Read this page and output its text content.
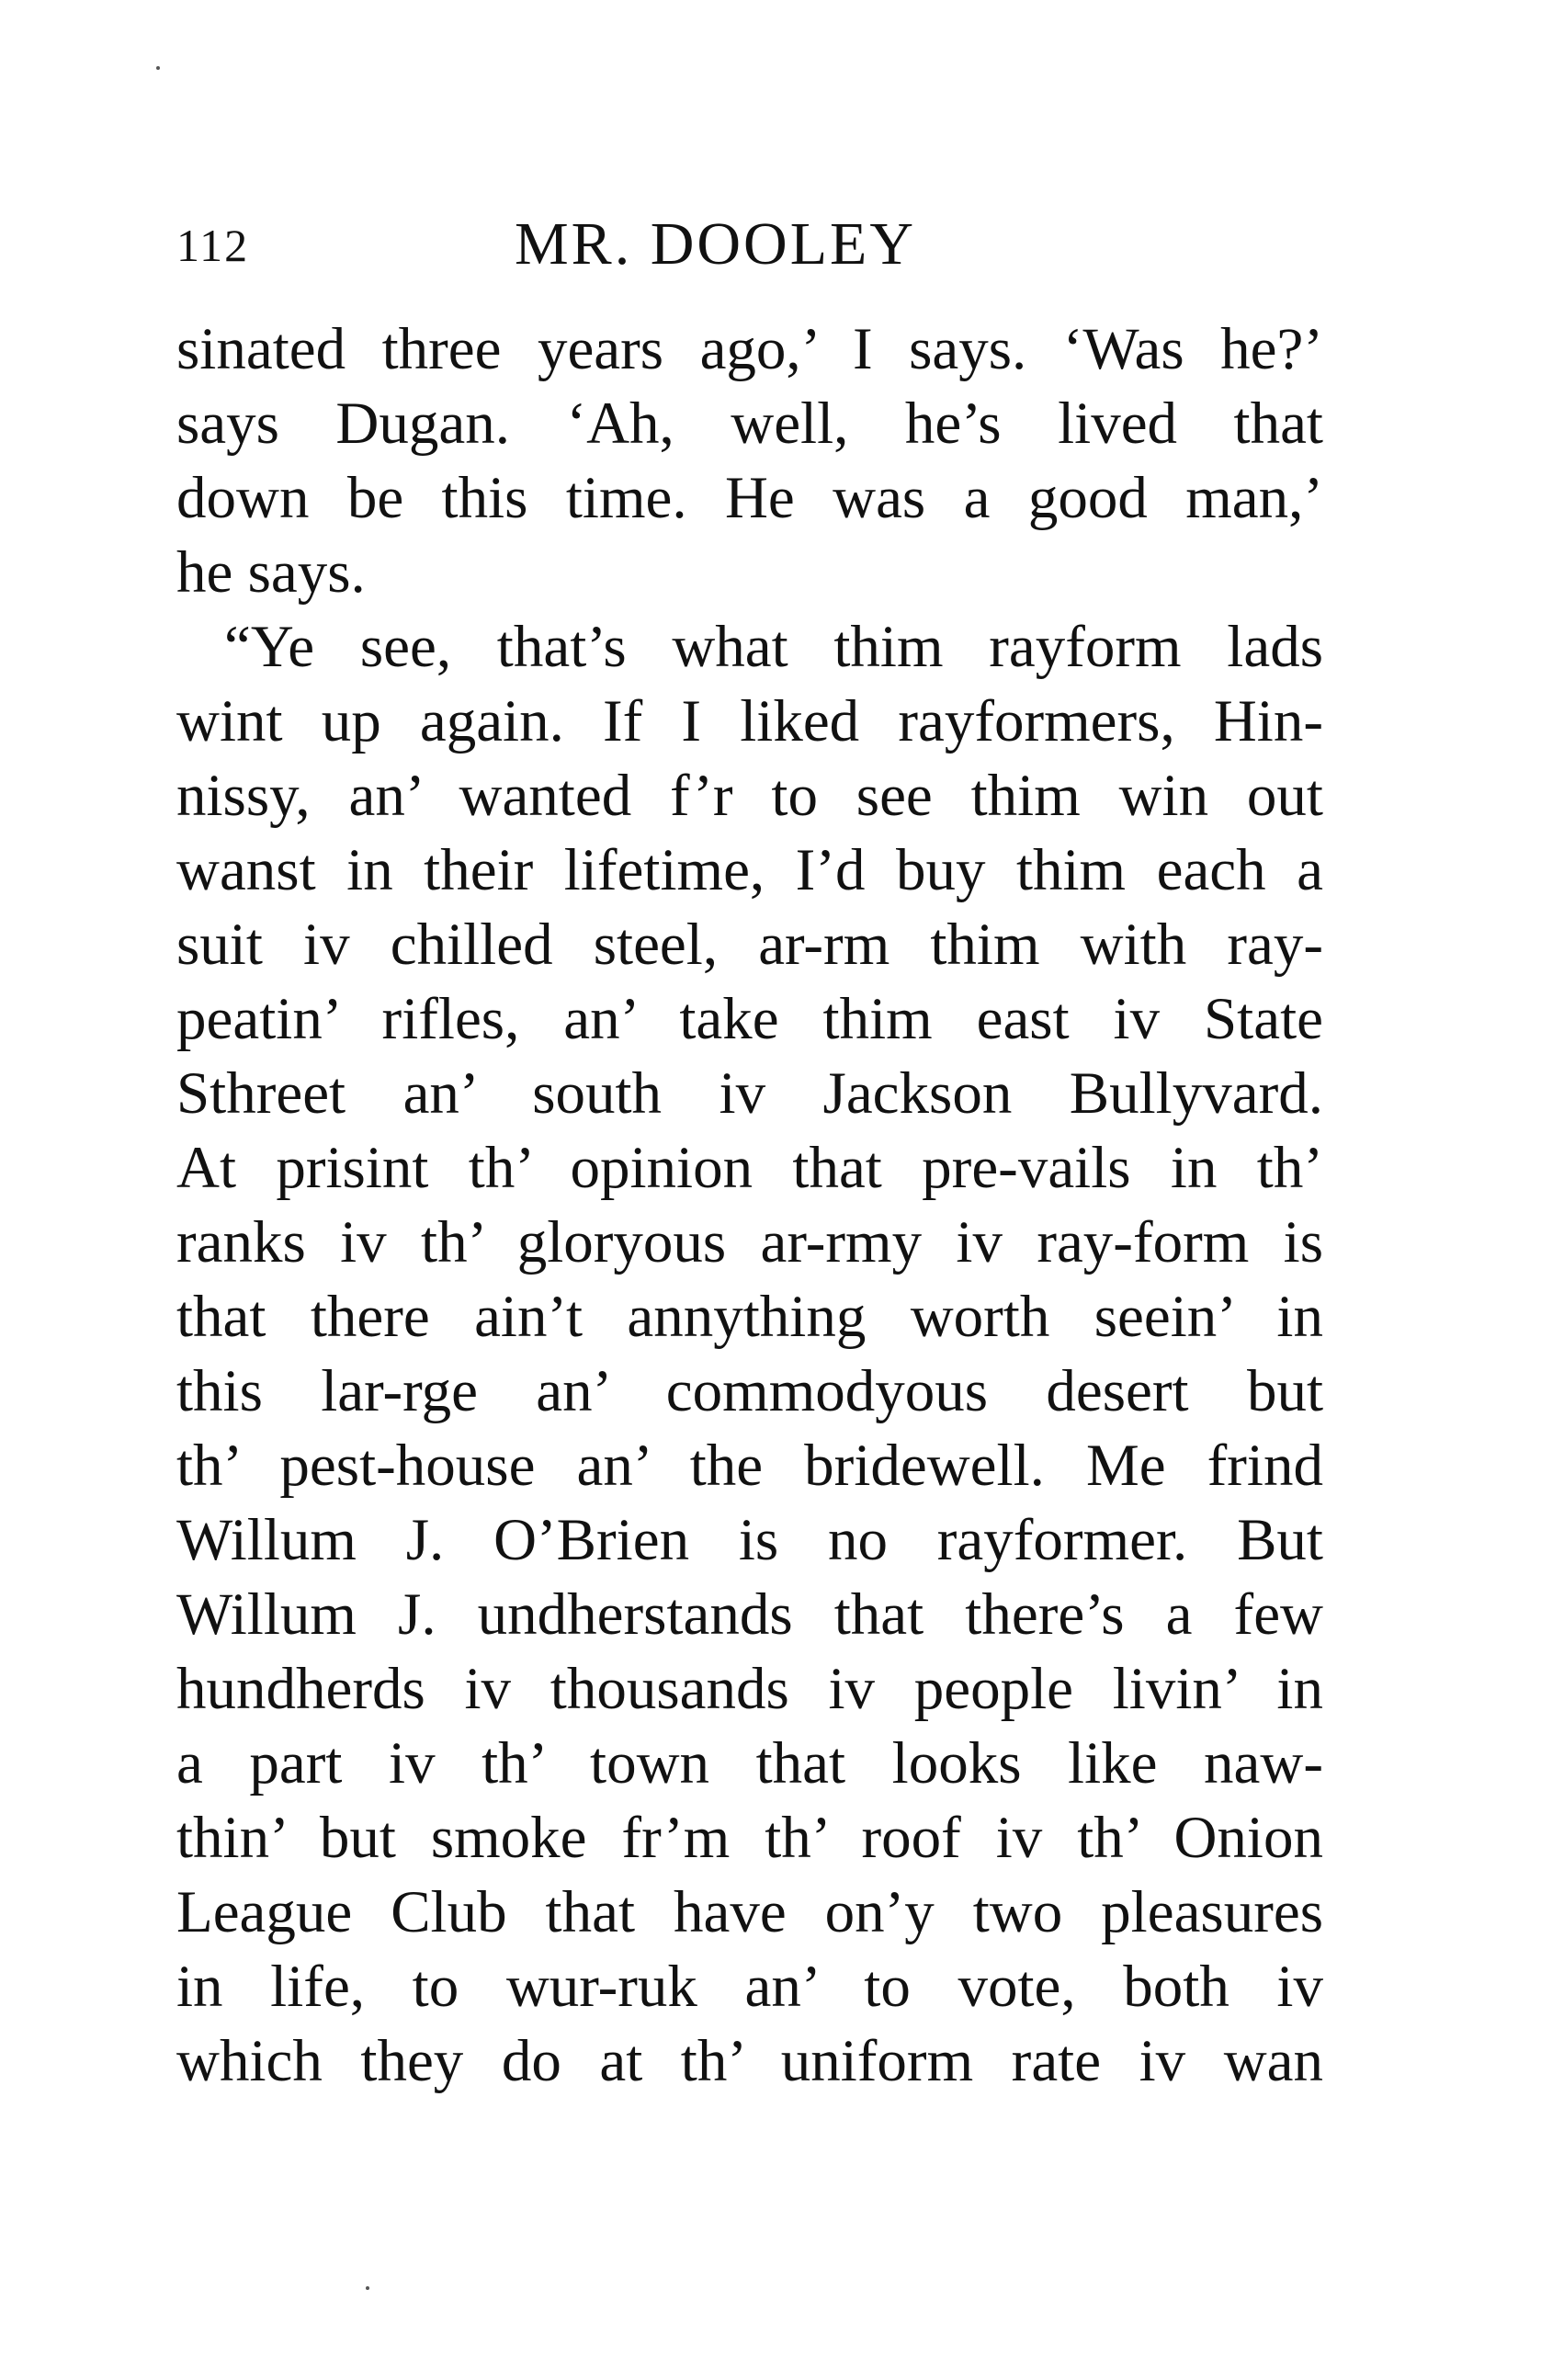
112	MR. DOOLEY
sinated three years ago,’ I says. ‘Was he?’
says Dugan. ‘Ah, well, he’s lived that
down be this time. He was a good man,’
he says.
“Ye see, that’s what thim rayform lads
wint up again. If I liked rayformers, Hin-
nissy, an’ wanted f’r to see thim win out
wanst in their lifetime, I’d buy thim each a
suit iv chilled steel, ar-rm thim with ray-
peatin’ rifles, an’ take thim east iv State
Sthreet an’ south iv Jackson Bullyvard.
At prisint th’ opinion that pre-vails in th’
ranks iv th’ gloryous ar-rmy iv ray-form is
that there ain’t annything worth seein’ in
this lar-rge an’ commodyous desert but
th’ pest-house an’ the bridewell. Me frind
Willum J. O’Brien is no rayformer. But
Willum J. undherstands that there’s a few
hundherds iv thousands iv people livin’ in
a part iv th’ town that looks like naw-
thin’ but smoke fr’m th’ roof iv th’ Onion
League Club that have on’y two pleasures
in life, to wur-ruk an’ to vote, both iv
which they do at th’ uniform rate iv wan
